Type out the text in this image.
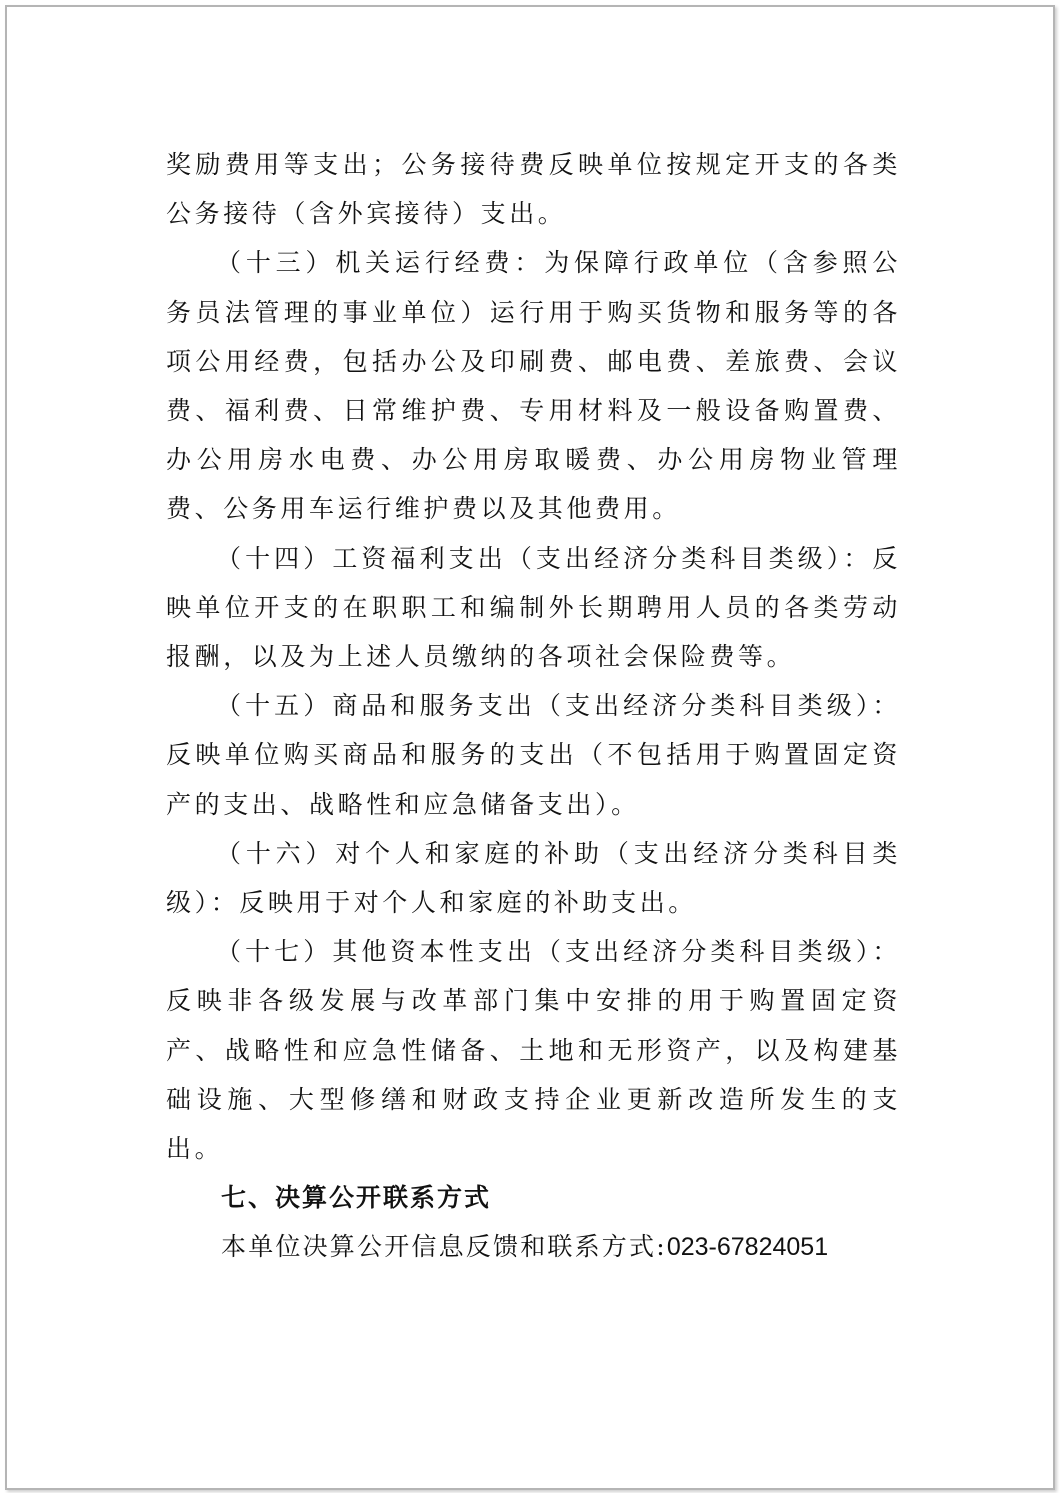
奖励费用等支出；公务接待费反映单位按规定开支的各类公务接待（含外宾接待）支出。

（十三）机关运行经费：为保障行政单位（含参照公务员法管理的事业单位）运行用于购买货物和服务等的各项公用经费，包括办公及印刷费、邮电费、差旅费、会议费、福利费、日常维护费、专用材料及一般设备购置费、办公用房水电费、办公用房取暖费、办公用房物业管理费、公务用车运行维护费以及其他费用。

（十四）工资福利支出（支出经济分类科目类级）：反映单位开支的在职职工和编制外长期聘用人员的各类劳动报酬，以及为上述人员缴纳的各项社会保险费等。

（十五）商品和服务支出（支出经济分类科目类级）：反映单位购买商品和服务的支出（不包括用于购置固定资产的支出、战略性和应急储备支出）。

（十六）对个人和家庭的补助（支出经济分类科目类级）：反映用于对个人和家庭的补助支出。

（十七）其他资本性支出（支出经济分类科目类级）：反映非各级发展与改革部门集中安排的用于购置固定资产、战略性和应急性储备、土地和无形资产，以及构建基础设施、大型修缮和财政支持企业更新改造所发生的支出。

七、决算公开联系方式

本单位决算公开信息反馈和联系方式:023-67824051
